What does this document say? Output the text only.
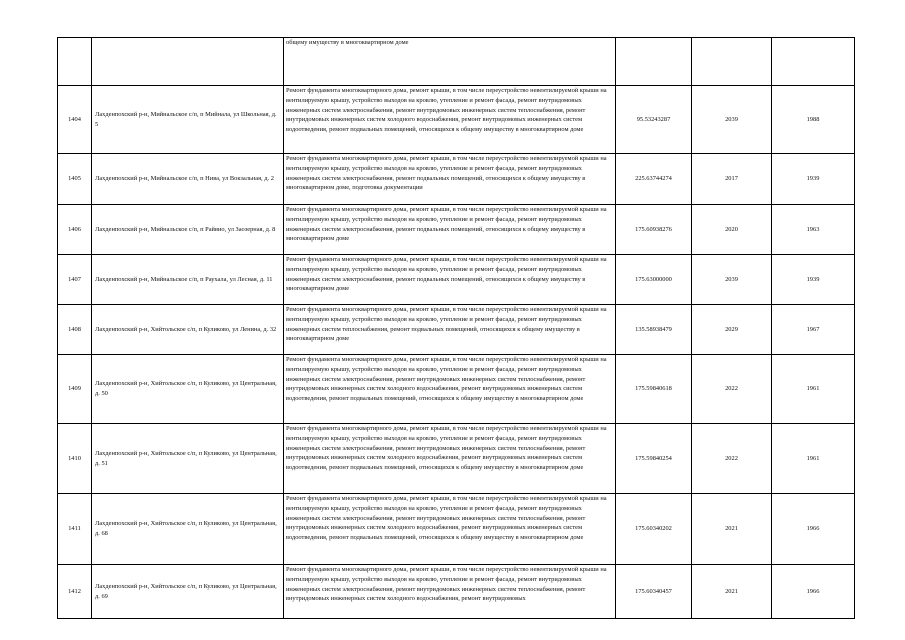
		общему имуществу в многоквартирном доме			
1404	Лахденпохский р-н, Мийнальское с/п, п Мийнала, ул Школьная, д. 5	Ремонт фундамента многоквартирного дома, ремонт крыши, в том числе переустройство невентилируемой крыши на вентилируемую крышу, устройство выходов на кровлю, утепление и ремонт фасада, ремонт внутридомовых инженерных систем электроснабжения, ремонт внутридомовых инженерных систем теплоснабжения, ремонт внутридомовых инженерных систем холодного водоснабжения, ремонт внутридомовых инженерных систем водоотведения, ремонт подвальных помещений, относящихся к общему имуществу в многоквартирном доме	95.53243287	2039	1988
1405	Лахденпохский р-н, Мийнальское с/п, п Нива, ул Вокзальная, д. 2	Ремонт фундамента многоквартирного дома, ремонт крыши, в том числе переустройство невентилируемой крыши на вентилируемую крышу, устройство выходов на кровлю, утепление и ремонт фасада, ремонт внутридомовых инженерных систем электроснабжения, ремонт подвальных помещений, относящихся к общему имуществу в многоквартирном доме, подготовка документации	225.63744274	2017	1939
1406	Лахденпохский р-н, Мийнальское с/п, п Райвио, ул Заозерная, д. 8	Ремонт фундамента многоквартирного дома, ремонт крыши, в том числе переустройство невентилируемой крыши на вентилируемую крышу, устройство выходов на кровлю, утепление и ремонт фасада, ремонт внутридомовых инженерных систем электроснабжения, ремонт подвальных помещений, относящихся к общему имуществу в многоквартирном доме	175.60938276	2020	1963
1407	Лахденпохский р-н, Мийнальское с/п, п Раухала, ул Лесная, д. 11	Ремонт фундамента многоквартирного дома, ремонт крыши, в том числе переустройство невентилируемой крыши на вентилируемую крышу, устройство выходов на кровлю, утепление и ремонт фасада, ремонт внутридомовых инженерных систем электроснабжения, ремонт подвальных помещений, относящихся к общему имуществу в многоквартирном доме	175.63000000	2039	1939
1408	Лахденпохский р-н, Хийтольское с/п, п Куликово, ул Ленина, д. 32	Ремонт фундамента многоквартирного дома, ремонт крыши, в том числе переустройство невентилируемой крыши на вентилируемую крышу, устройство выходов на кровлю, утепление и ремонт фасада, ремонт внутридомовых инженерных систем теплоснабжения, ремонт подвальных помещений, относящихся к общему имуществу в многоквартирном доме	135.58938479	2029	1967
1409	Лахденпохский р-н, Хийтольское с/п, п Куликово, ул Центральная, д. 50	Ремонт фундамента многоквартирного дома, ремонт крыши, в том числе переустройство невентилируемой крыши на вентилируемую крышу, устройство выходов на кровлю, утепление и ремонт фасада, ремонт внутридомовых инженерных систем электроснабжения, ремонт внутридомовых инженерных систем теплоснабжения, ремонт внутридомовых инженерных систем холодного водоснабжения, ремонт внутридомовых инженерных систем водоотведения, ремонт подвальных помещений, относящихся к общему имуществу в многоквартирном доме	175.59840618	2022	1961
1410	Лахденпохский р-н, Хийтольское с/п, п Куликово, ул Центральная, д. 51	Ремонт фундамента многоквартирного дома, ремонт крыши, в том числе переустройство невентилируемой крыши на вентилируемую крышу, устройство выходов на кровлю, утепление и ремонт фасада, ремонт внутридомовых инженерных систем электроснабжения, ремонт внутридомовых инженерных систем теплоснабжения, ремонт внутридомовых инженерных систем холодного водоснабжения, ремонт внутридомовых инженерных систем водоотведения, ремонт подвальных помещений, относящихся к общему имуществу в многоквартирном доме	175.59840254	2022	1961
1411	Лахденпохский р-н, Хийтольское с/п, п Куликово, ул Центральная, д. 68	Ремонт фундамента многоквартирного дома, ремонт крыши, в том числе переустройство невентилируемой крыши на вентилируемую крышу, устройство выходов на кровлю, утепление и ремонт фасада, ремонт внутридомовых инженерных систем электроснабжения, ремонт внутридомовых инженерных систем теплоснабжения, ремонт внутридомовых инженерных систем холодного водоснабжения, ремонт внутридомовых инженерных систем водоотведения, ремонт подвальных помещений, относящихся к общему имуществу в многоквартирном доме	175.60340202	2021	1966
1412	Лахденпохский р-н, Хийтольское с/п, п Куликово, ул Центральная, д. 69	Ремонт фундамента многоквартирного дома, ремонт крыши, в том числе переустройство невентилируемой крыши на вентилируемую крышу, устройство выходов на кровлю, утепление и ремонт фасада, ремонт внутридомовых инженерных систем электроснабжения, ремонт внутридомовых инженерных систем теплоснабжения, ремонт внутридомовых инженерных систем холодного водоснабжения, ремонт внутридомовых	175.60340457	2021	1966
